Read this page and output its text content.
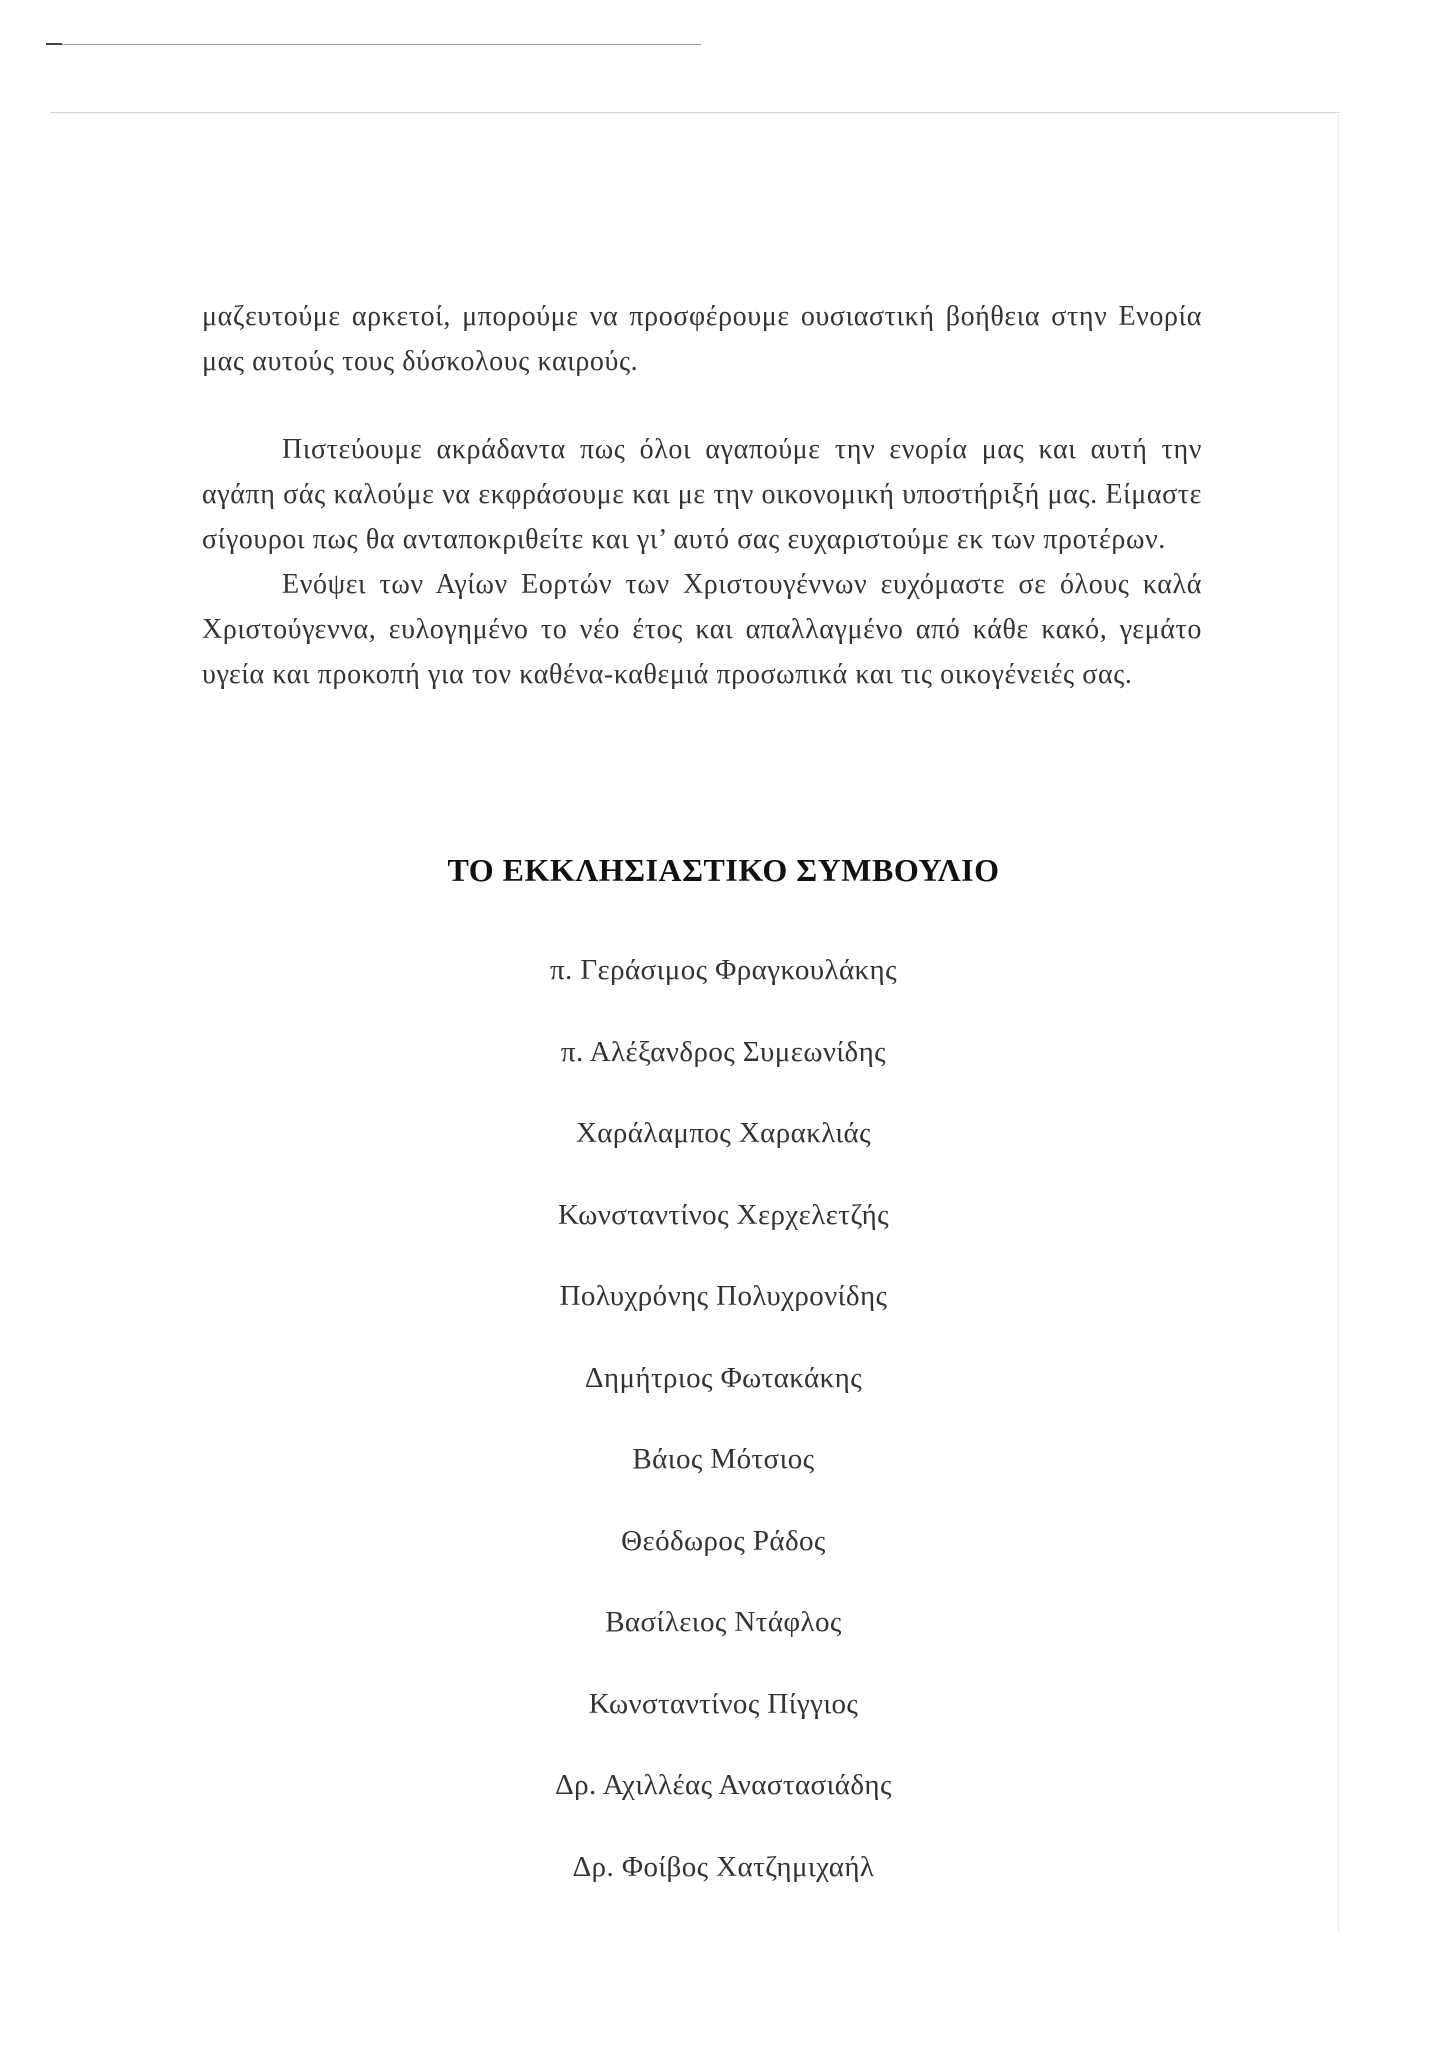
μαζευτούμε αρκετοί, μπορούμε να προσφέρουμε ουσιαστική βοήθεια στην Ενορία μας αυτούς τους δύσκολους καιρούς.

Πιστεύουμε ακράδαντα πως όλοι αγαπούμε την ενορία μας και αυτή την αγάπη σάς καλούμε να εκφράσουμε και με την οικονομική υποστήριξή μας. Είμαστε σίγουροι πως θα ανταποκριθείτε και γι’ αυτό σας ευχαριστούμε εκ των προτέρων.

Ενόψει των Αγίων Εορτών των Χριστουγέννων ευχόμαστε σε όλους καλά Χριστούγεννα, ευλογημένο το νέο έτος και απαλλαγμένο από κάθε κακό, γεμάτο υγεία και προκοπή για τον καθένα-καθεμιά προσωπικά και τις οικογένειές σας.

ΤΟ ΕΚΚΛΗΣΙΑΣΤΙΚΟ ΣΥΜΒΟΥΛΙΟ
π. Γεράσιμος Φραγκουλάκης
π. Αλέξανδρος Συμεωνίδης
Χαράλαμπος Χαρακλιάς
Κωνσταντίνος Χερχελετζής
Πολυχρόνης Πολυχρονίδης
Δημήτριος Φωτακάκης
Βάιος Μότσιος
Θεόδωρος Ράδος
Βασίλειος Ντάφλος
Κωνσταντίνος Πίγγιος
Δρ. Αχιλλέας Αναστασιάδης
Δρ. Φοίβος Χατζημιχαήλ
